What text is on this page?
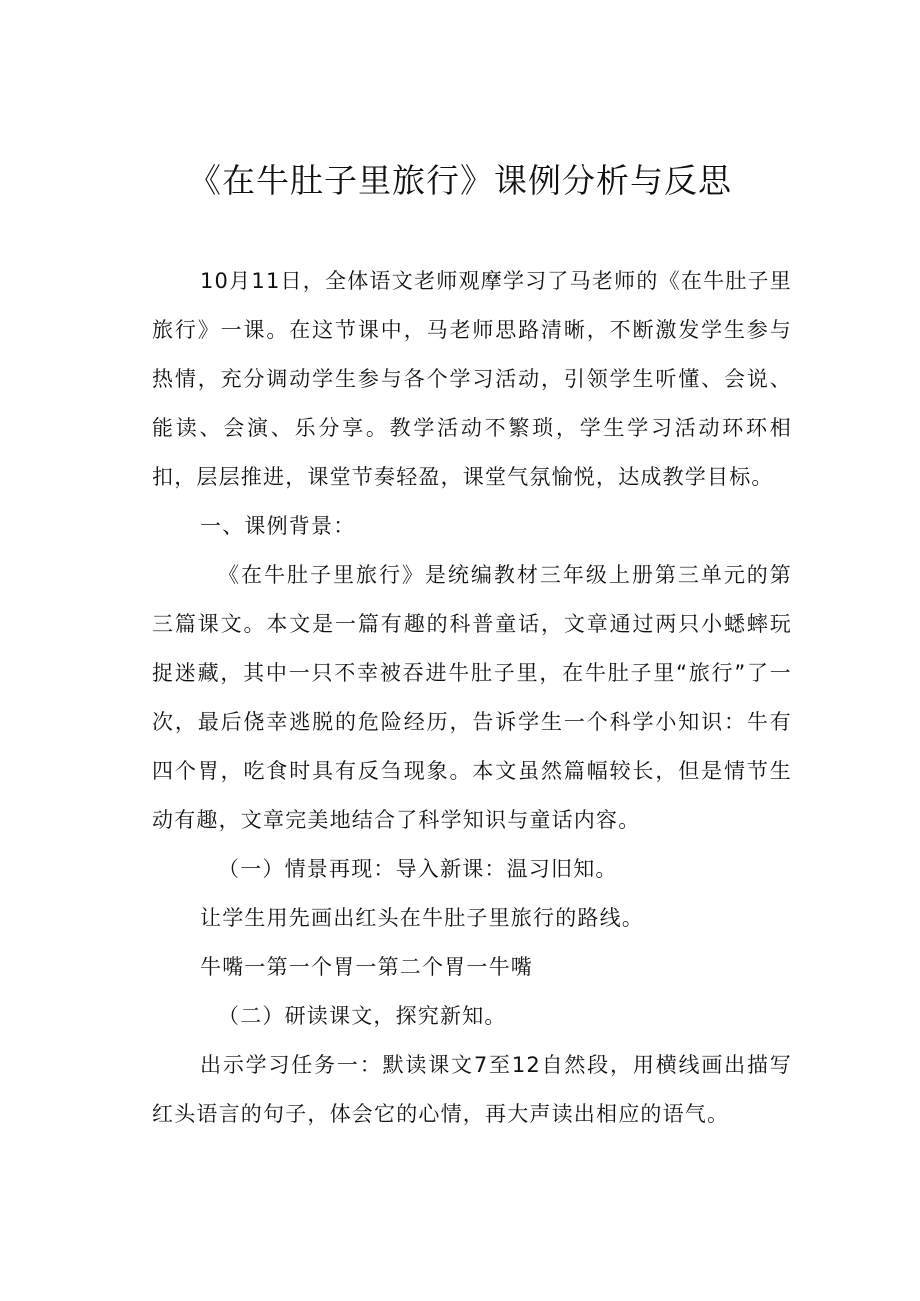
《在牛肚子里旅行》课例分析与反思

10月11日，全体语文老师观摩学习了马老师的《在牛肚子里旅行》一课。在这节课中，马老师思路清晰，不断激发学生参与热情，充分调动学生参与各个学习活动，引领学生听懂、会说、能读、会演、乐分享。教学活动不繁琐，学生学习活动环环相扣，层层推进，课堂节奏轻盈，课堂气氛愉悦，达成教学目标。

一、课例背景：

《在牛肚子里旅行》是统编教材三年级上册第三单元的第三篇课文。本文是一篇有趣的科普童话，文章通过两只小蟋蟀玩捉迷藏，其中一只不幸被吞进牛肚子里，在牛肚子里“旅行”了一次，最后侥幸逃脱的危险经历，告诉学生一个科学小知识：牛有四个胃，吃食时具有反刍现象。本文虽然篇幅较长，但是情节生动有趣，文章完美地结合了科学知识与童话内容。

（一）情景再现：导入新课：温习旧知。

让学生用先画出红头在牛肚子里旅行的路线。

牛嘴一第一个胃一第二个胃一牛嘴

（二）研读课文，探究新知。

出示学习任务一：默读课文7至12自然段，用横线画出描写红头语言的句子，体会它的心情，再大声读出相应的语气。
